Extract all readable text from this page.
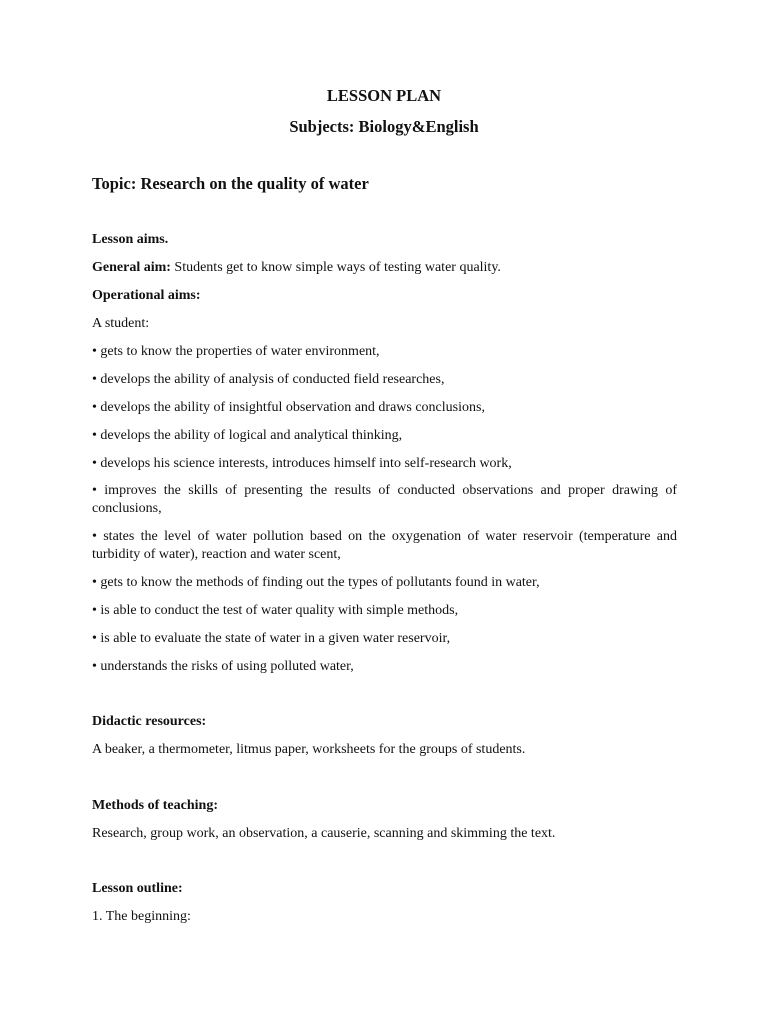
LESSON PLAN
Subjects: Biology&English
Topic: Research on the quality of water

Lesson aims.

General aim: Students get to know simple ways of testing water quality.

Operational aims:

A student:

• gets to know the properties of water environment,

• develops the ability of analysis of conducted field researches,

• develops the ability of insightful observation and draws conclusions,

• develops the ability of logical and analytical thinking,

• develops his science interests, introduces himself into self-research work,

• improves the skills of presenting the results of conducted observations and proper drawing of conclusions,

• states the level of water pollution based on the oxygenation of water reservoir (temperature and turbidity of water), reaction and water scent,

• gets to know the methods of finding out the types of pollutants found in water,

• is able to conduct the test of water quality with simple methods,

• is able to evaluate the state of water in a given water reservoir,

• understands the risks of using polluted water,

Didactic resources:

A beaker, a thermometer, litmus paper, worksheets for the groups of students.

Methods of teaching:

Research, group work, an observation, a causerie, scanning and skimming the text.

Lesson outline:

1. The beginning:
